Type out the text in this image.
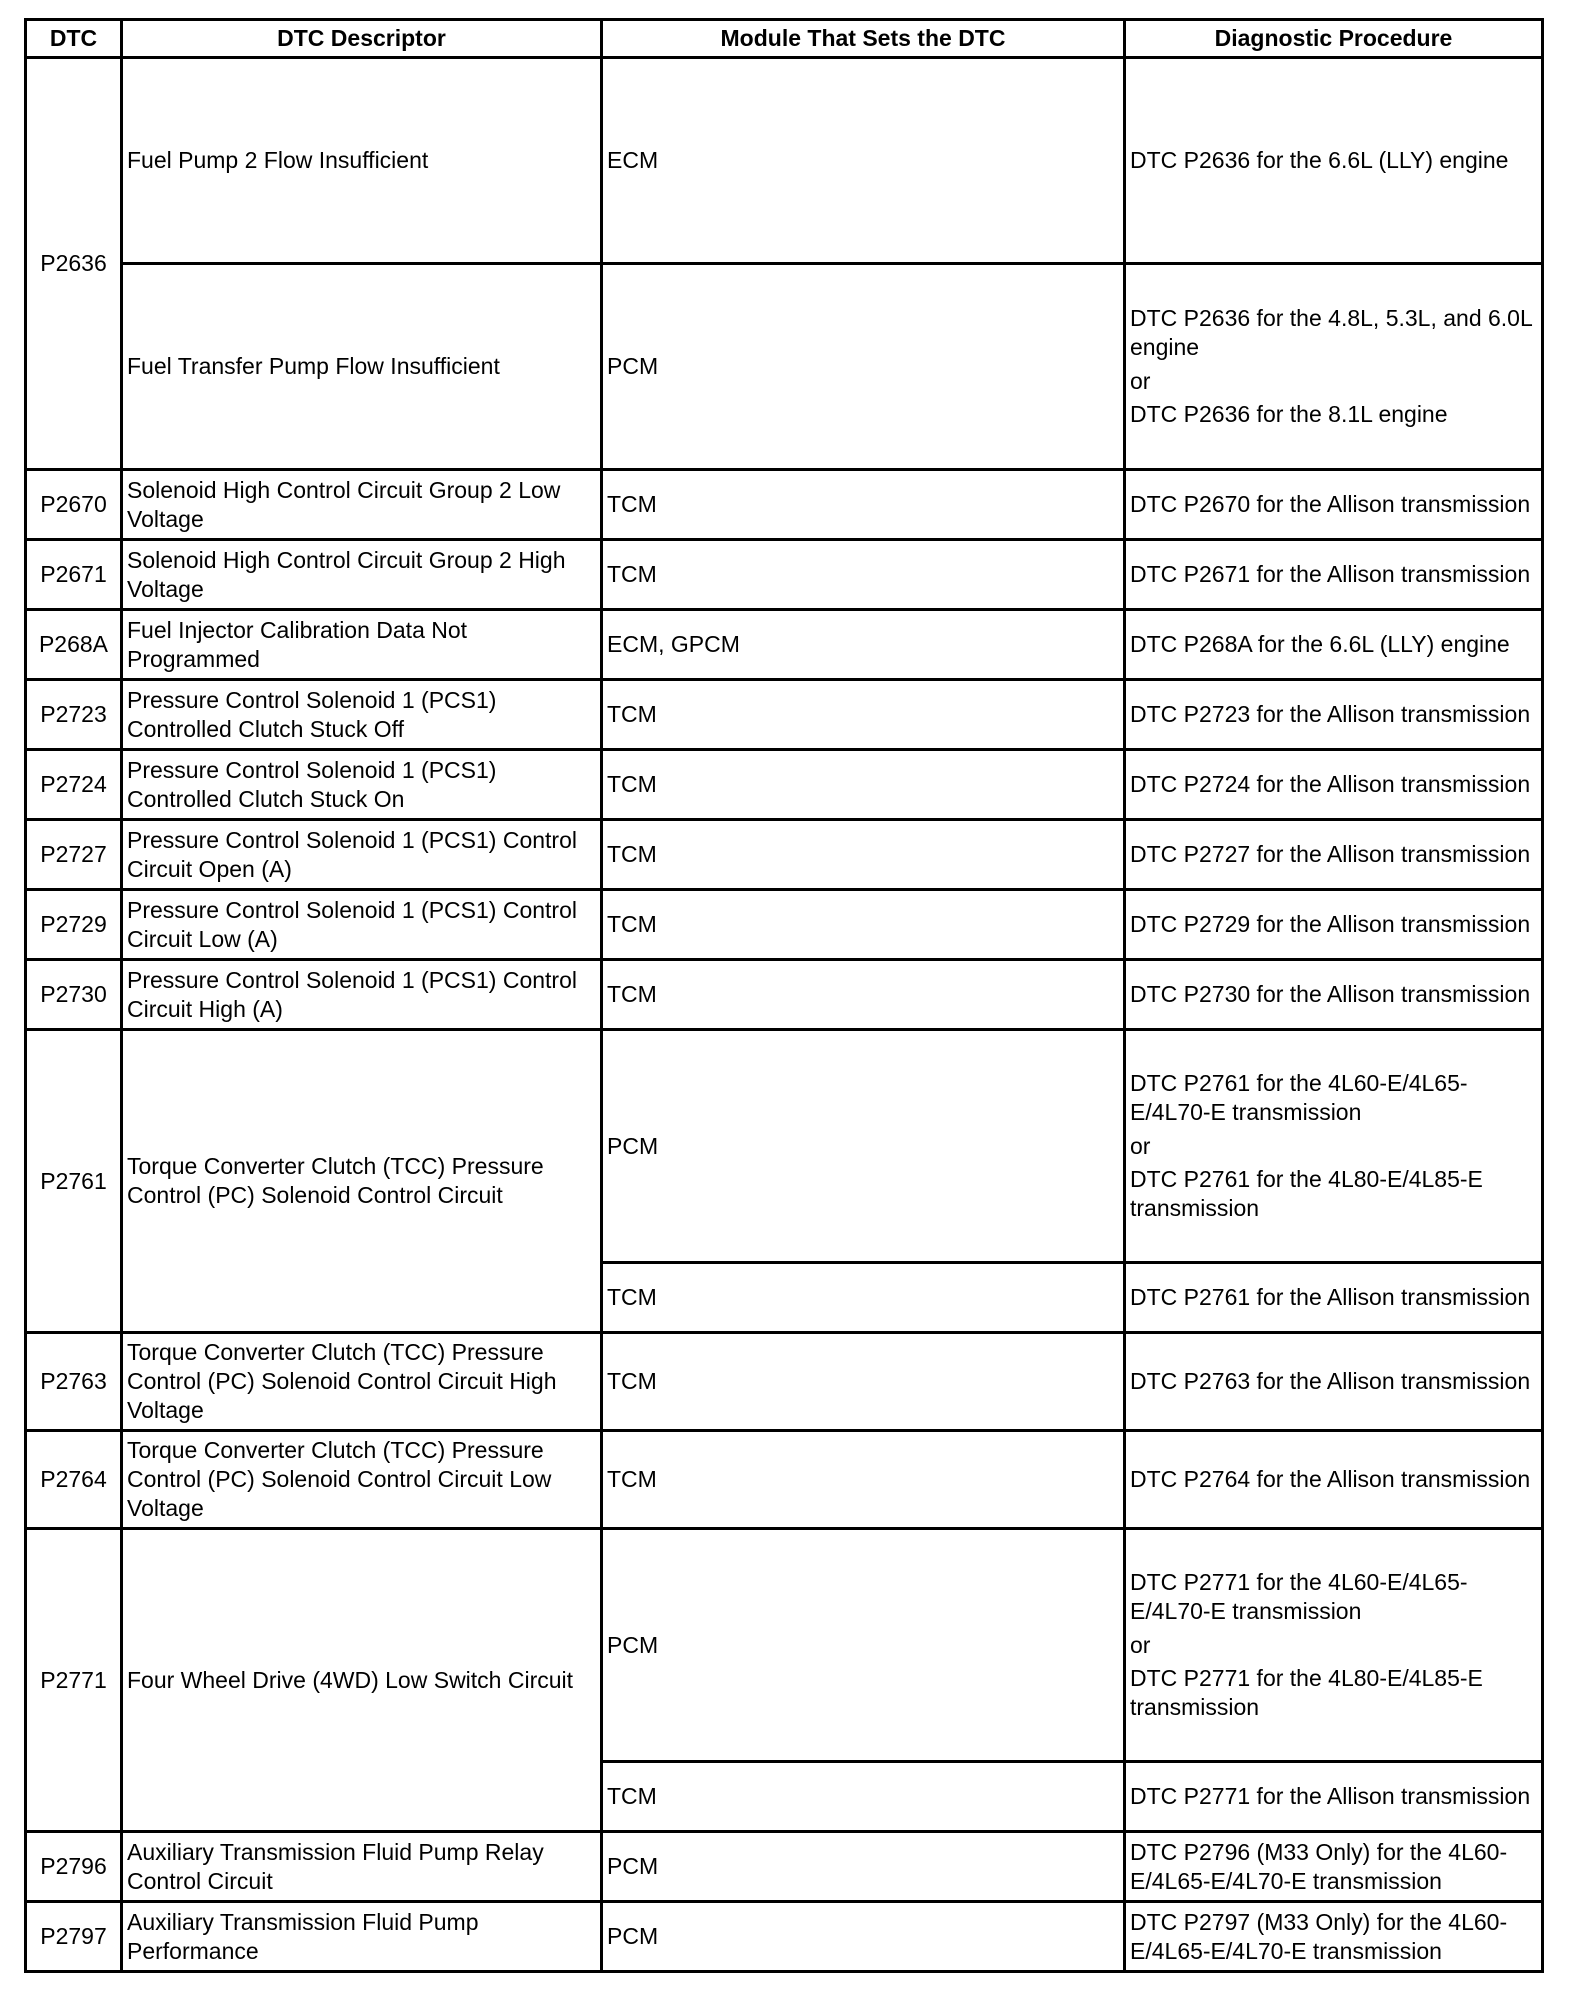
DTC	DTC Descriptor	Module That Sets the DTC	Diagnostic Procedure
P2636	Fuel Pump 2 Flow Insufficient	ECM	DTC P2636 for the 6.6L (LLY) engine
	Fuel Transfer Pump Flow Insufficient	PCM	DTC P2636 for the 4.8L, 5.3L, and 6.0L engine
or
DTC P2636 for the 8.1L engine

P2670	Solenoid High Control Circuit Group 2 Low Voltage	TCM	DTC P2670 for the Allison transmission
P2671	Solenoid High Control Circuit Group 2 High Voltage	TCM	DTC P2671 for the Allison transmission
P268A	Fuel Injector Calibration Data Not Programmed	ECM, GPCM	DTC P268A for the 6.6L (LLY) engine
P2723	Pressure Control Solenoid 1 (PCS1) Controlled Clutch Stuck Off	TCM	DTC P2723 for the Allison transmission
P2724	Pressure Control Solenoid 1 (PCS1) Controlled Clutch Stuck On	TCM	DTC P2724 for the Allison transmission
P2727	Pressure Control Solenoid 1 (PCS1) Control Circuit Open (A)	TCM	DTC P2727 for the Allison transmission
P2729	Pressure Control Solenoid 1 (PCS1) Control Circuit Low (A)	TCM	DTC P2729 for the Allison transmission
P2730	Pressure Control Solenoid 1 (PCS1) Control Circuit High (A)	TCM	DTC P2730 for the Allison transmission
P2761	Torque Converter Clutch (TCC) Pressure Control (PC) Solenoid Control Circuit	PCM	DTC P2761 for the 4L60-E/4L65-E/4L70-E transmission
or
DTC P2761 for the 4L80-E/4L85-E transmission

		TCM	DTC P2761 for the Allison transmission
P2763	Torque Converter Clutch (TCC) Pressure Control (PC) Solenoid Control Circuit High Voltage	TCM	DTC P2763 for the Allison transmission
P2764	Torque Converter Clutch (TCC) Pressure Control (PC) Solenoid Control Circuit Low Voltage	TCM	DTC P2764 for the Allison transmission
P2771	Four Wheel Drive (4WD) Low Switch Circuit	PCM	DTC P2771 for the 4L60-E/4L65-E/4L70-E transmission
or
DTC P2771 for the 4L80-E/4L85-E transmission

		TCM	DTC P2771 for the Allison transmission
P2796	Auxiliary Transmission Fluid Pump Relay Control Circuit	PCM	DTC P2796 (M33 Only) for the 4L60-E/4L65-E/4L70-E transmission
P2797	Auxiliary Transmission Fluid Pump Performance	PCM	DTC P2797 (M33 Only) for the 4L60-E/4L65-E/4L70-E transmission
